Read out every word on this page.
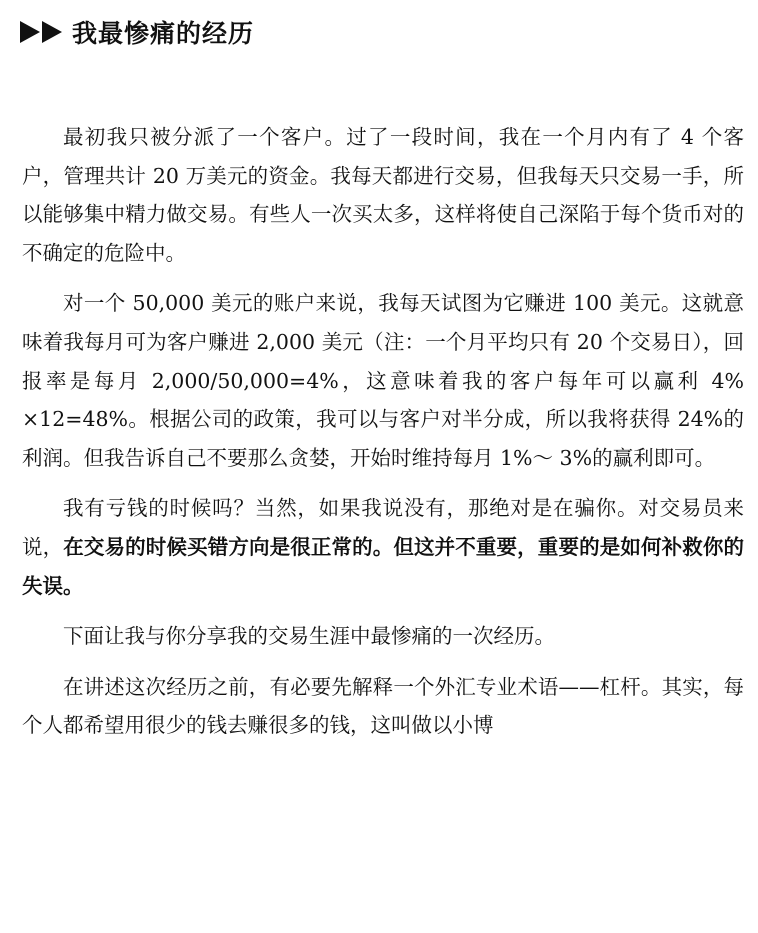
我最惨痛的经历

最初我只被分派了一个客户。过了一段时间，我在一个月内有了 4 个客户，管理共计 20 万美元的资金。我每天都进行交易，但我每天只交易一手，所以能够集中精力做交易。有些人一次买太多，这样将使自己深陷于每个货币对的不确定的危险中。

对一个 50,000 美元的账户来说，我每天试图为它赚进 100 美元。这就意味着我每月可为客户赚进 2,000 美元（注：一个月平均只有 20 个交易日），回报率是每月 2,000/50,000=4%，这意味着我的客户每年可以赢利 4% ×12=48%。根据公司的政策，我可以与客户对半分成，所以我将获得 24%的利润。但我告诉自己不要那么贪婪，开始时维持每月 1%～ 3%的赢利即可。

我有亏钱的时候吗？当然，如果我说没有，那绝对是在骗你。对交易员来说，在交易的时候买错方向是很正常的。但这并不重要，重要的是如何补救你的失误。

下面让我与你分享我的交易生涯中最惨痛的一次经历。

在讲述这次经历之前，有必要先解释一个外汇专业术语——杠杆。其实，每个人都希望用很少的钱去赚很多的钱，这叫做以小博
